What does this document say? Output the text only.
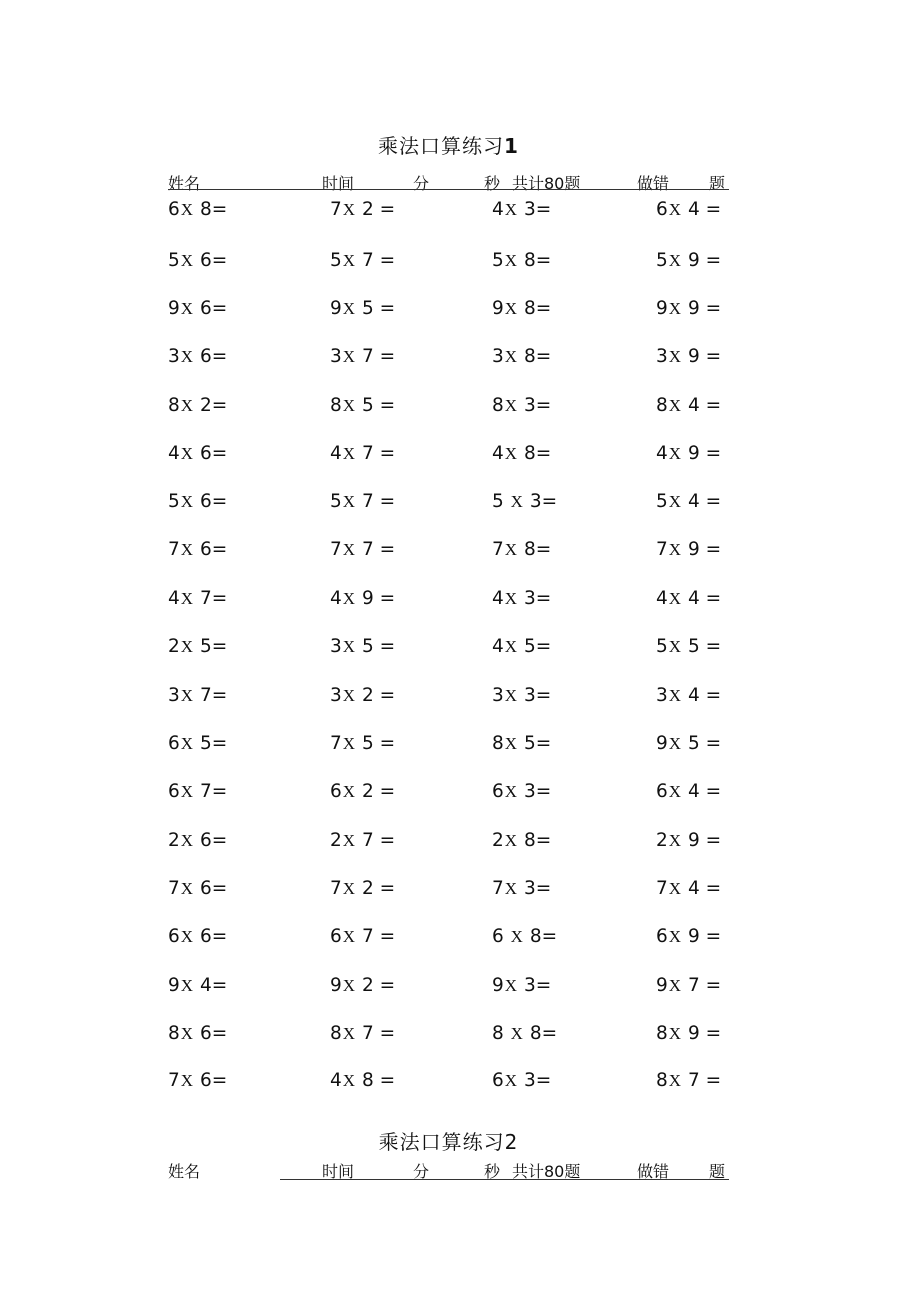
乘法口算练习1
姓名	时间	分	秒 共计80题	做错 题
6X 8=	7X 2 =	4X 3=	6X 4 =
5X 6=	5X 7 =	5X 8=	5X 9 =
9X 6=	9X 5 =	9X 8=	9X 9 =
3X 6=	3X 7 =	3X 8=	3X 9 =
8X 2=	8X 5 =	8X 3=	8X 4 =
4X 6=	4X 7 =	4X 8=	4X 9 =
5X 6=	5X 7 =	5 X 3=	5X 4 =
7X 6=	7X 7 =	7X 8=	7X 9 =
4X 7=	4X 9 =	4X 3=	4X 4 =
2X 5=	3X 5 =	4X 5=	5X 5 =
3X 7=	3X 2 =	3X 3=	3X 4 =
6X 5=	7X 5 =	8X 5=	9X 5 =
6X 7=	6X 2 =	6X 3=	6X 4 =
2X 6=	2X 7 =	2X 8=	2X 9 =
7X 6=	7X 2 =	7X 3=	7X 4 =
6X 6=	6X 7 =	6 X 8=	6X 9 =
9X 4=	9X 2 =	9X 3=	9X 7 =
8X 6=	8X 7 =	8 X 8=	8X 9 =
7X 6=	4X 8 =	6X 3=	8X 7 =
乘法口算练习2
姓名	时间	分	秒 共计80题	做错 题
